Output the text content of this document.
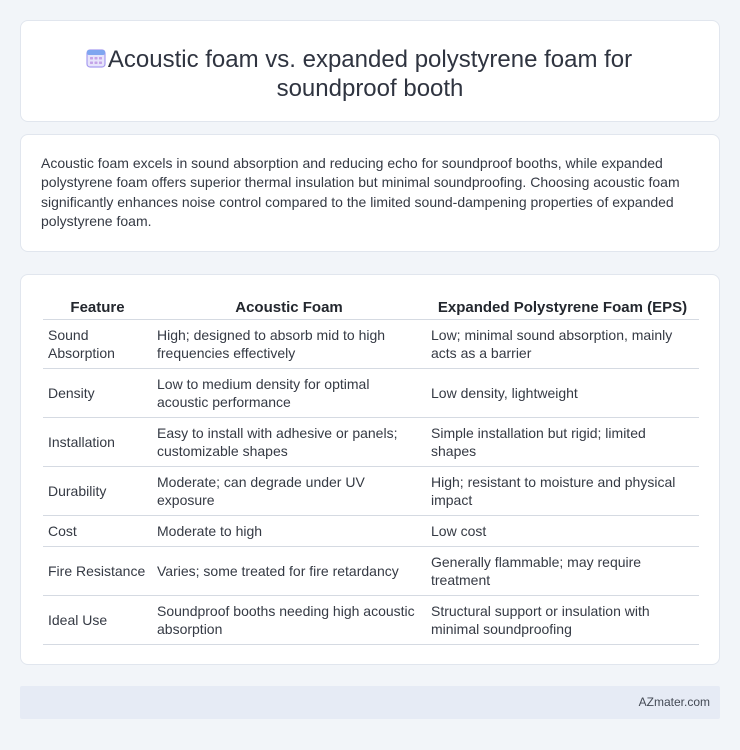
Acoustic foam vs. expanded polystyrene foam for
soundproof booth

Acoustic foam excels in sound absorption and reducing echo for soundproof booths, while expanded polystyrene foam offers superior thermal insulation but minimal soundproofing. Choosing acoustic foam significantly enhances noise control compared to the limited sound-dampening properties of expanded polystyrene foam.

Feature	Acoustic Foam	Expanded Polystyrene Foam (EPS)
Sound Absorption	High; designed to absorb mid to high frequencies effectively	Low; minimal sound absorption, mainly acts as a barrier
Density	Low to medium density for optimal acoustic performance	Low density, lightweight
Installation	Easy to install with adhesive or panels; customizable shapes	Simple installation but rigid; limited shapes
Durability	Moderate; can degrade under UV exposure	High; resistant to moisture and physical impact
Cost	Moderate to high	Low cost
Fire Resistance	Varies; some treated for fire retardancy	Generally flammable; may require treatment
Ideal Use	Soundproof booths needing high acoustic absorption	Structural support or insulation with minimal soundproofing
AZmater.com
